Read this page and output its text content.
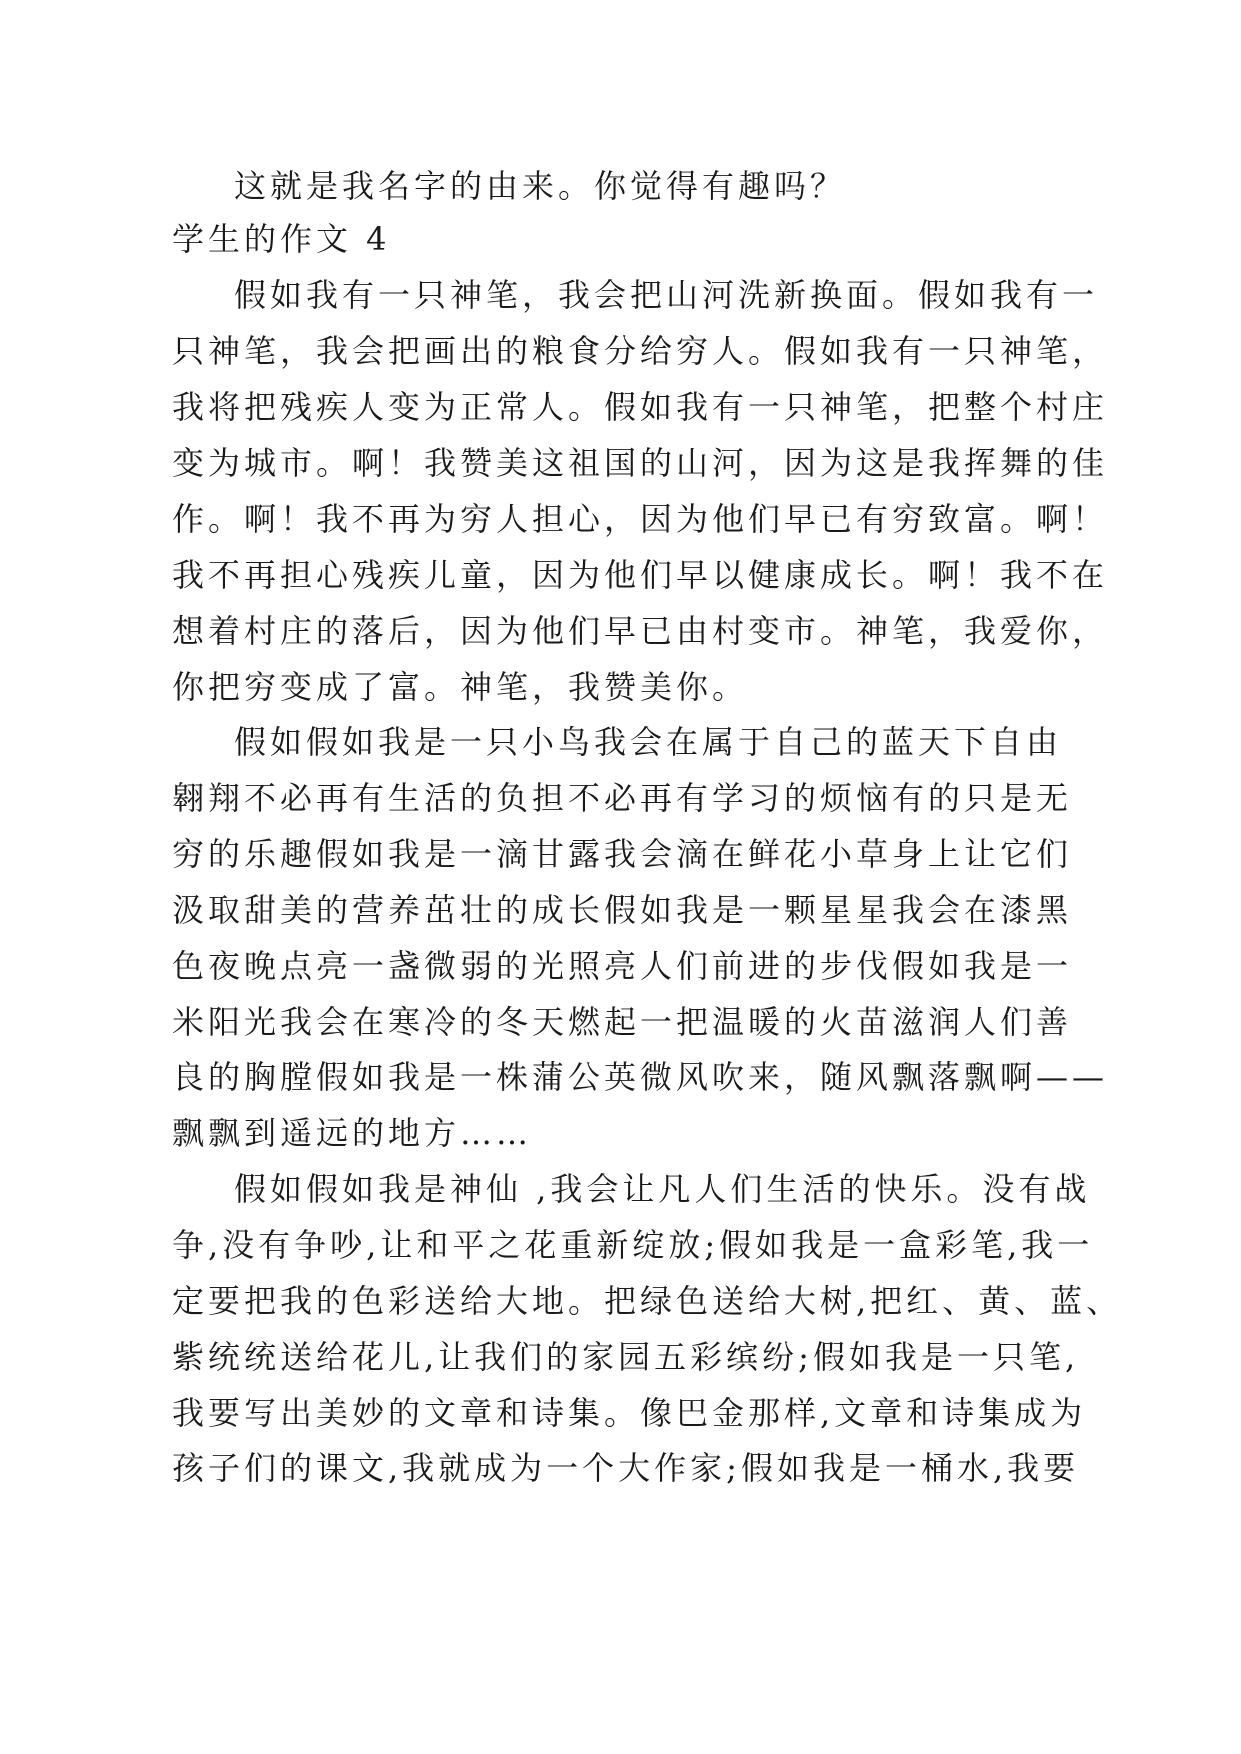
这就是我名字的由来。你觉得有趣吗？
学生的作文 4
假如我有一只神笔，我会把山河洗新换面。假如我有一
只神笔，我会把画出的粮食分给穷人。假如我有一只神笔，
我将把残疾人变为正常人。假如我有一只神笔，把整个村庄
变为城市。啊！我赞美这祖国的山河，因为这是我挥舞的佳
作。啊！我不再为穷人担心，因为他们早已有穷致富。啊！
我不再担心残疾儿童，因为他们早以健康成长。啊！我不在
想着村庄的落后，因为他们早已由村变市。神笔，我爱你，
你把穷变成了富。神笔，我赞美你。
假如假如我是一只小鸟我会在属于自己的蓝天下自由
翱翔不必再有生活的负担不必再有学习的烦恼有的只是无
穷的乐趣假如我是一滴甘露我会滴在鲜花小草身上让它们
汲取甜美的营养茁壮的成长假如我是一颗星星我会在漆黑
色夜晚点亮一盏微弱的光照亮人们前进的步伐假如我是一
米阳光我会在寒冷的冬天燃起一把温暖的火苗滋润人们善
良的胸膛假如我是一株蒲公英微风吹来，随风飘落飘啊——
飘飘到遥远的地方……
假如假如我是神仙 ,我会让凡人们生活的快乐。没有战
争,没有争吵,让和平之花重新绽放;假如我是一盒彩笔,我一
定要把我的色彩送给大地。把绿色送给大树,把红、黄、蓝、
紫统统送给花儿,让我们的家园五彩缤纷;假如我是一只笔,
我要写出美妙的文章和诗集。像巴金那样,文章和诗集成为
孩子们的课文,我就成为一个大作家;假如我是一桶水,我要
